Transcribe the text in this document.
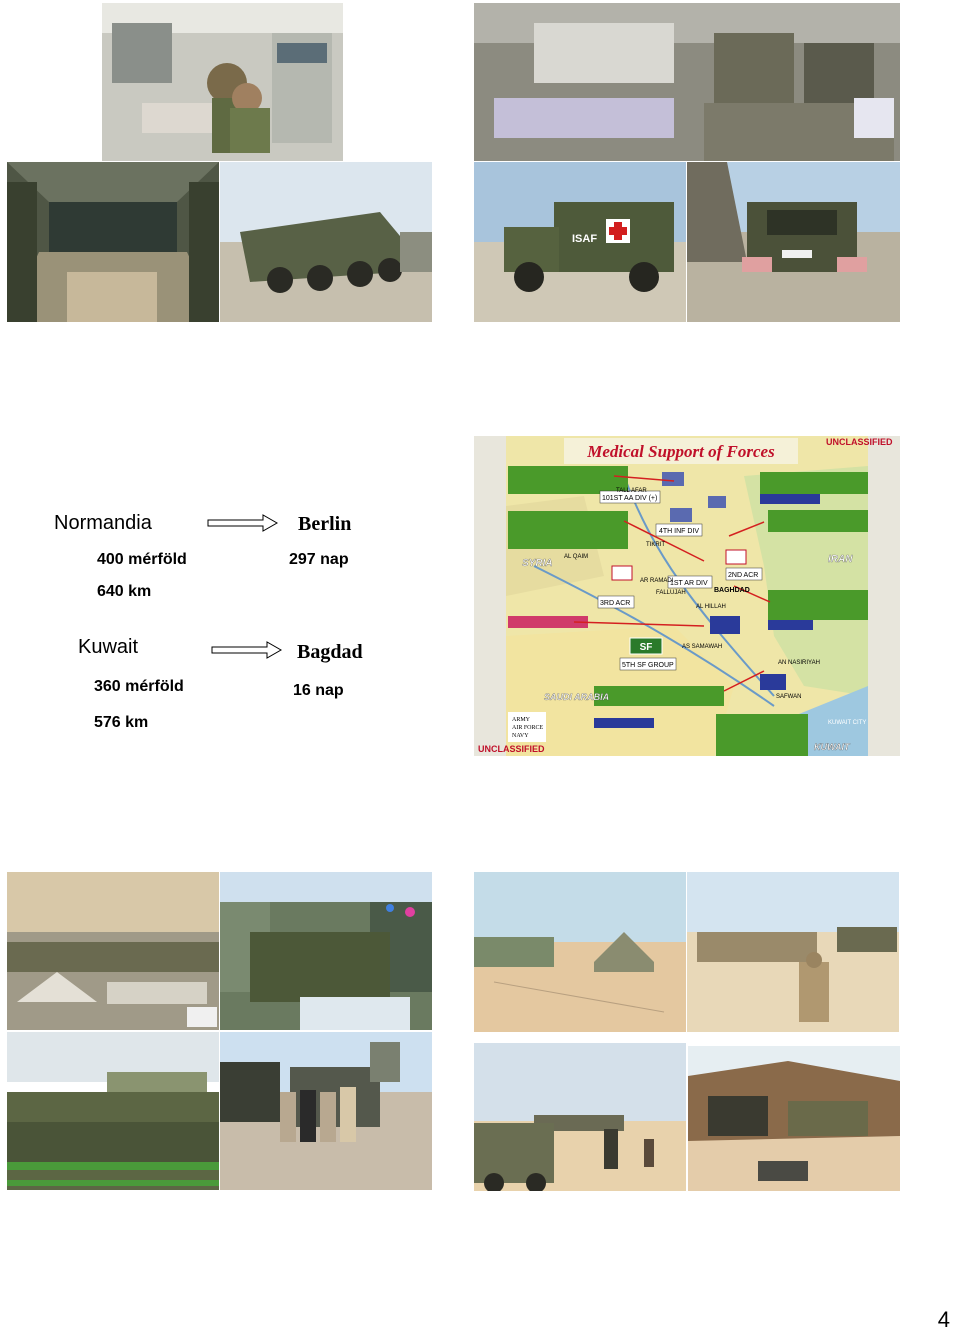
ISAF
Normandia	Berlin
400 mérföld	297 nap
640 km
Kuwait	Bagdad
360 mérföld	16 nap
576 km
Medical Support of Forces	UNCLASSIFIED
101ST AA DIV (+)
4TH INF DIV
1ST AR DIV
2ND ACR
3RD ACR
SF
5TH SF GROUP
SYRIA	IRAN
SAUDI ARABIA
KUWAIT
TALL AFAR
AL QAIM
AR RAMADI
FALLUJAH	BAGHDAD
AL HILLAH
AS SAMAWAH
AN NASIRIYAH
TIKRIT
SAFWAN
KUWAIT CITY
ARMY
AIR FORCE
NAVY
UNCLASSIFIED
4
